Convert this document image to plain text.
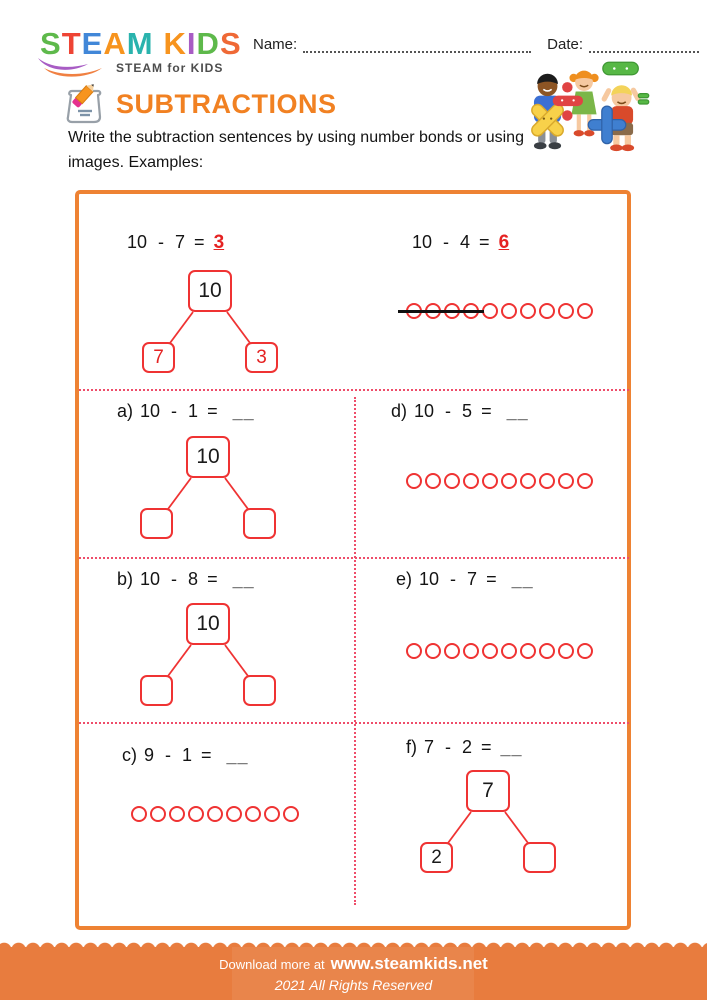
STEAM KIDS
STEAM for KIDS
Name:	Date:
SUBTRACTIONS
Write the subtraction sentences by using number bonds or using images. Examples:
10 - 7 = 3
10
7	3
10 - 4 = 6
a) 10 - 1 = __
10
d) 10 - 5 = __
b) 10 - 8 = __
10
e) 10 - 7 = __
c) 9 - 1 = __	f) 7 - 2 = __
7
2
Download more at www.steamkids.net
2021 All Rights Reserved
